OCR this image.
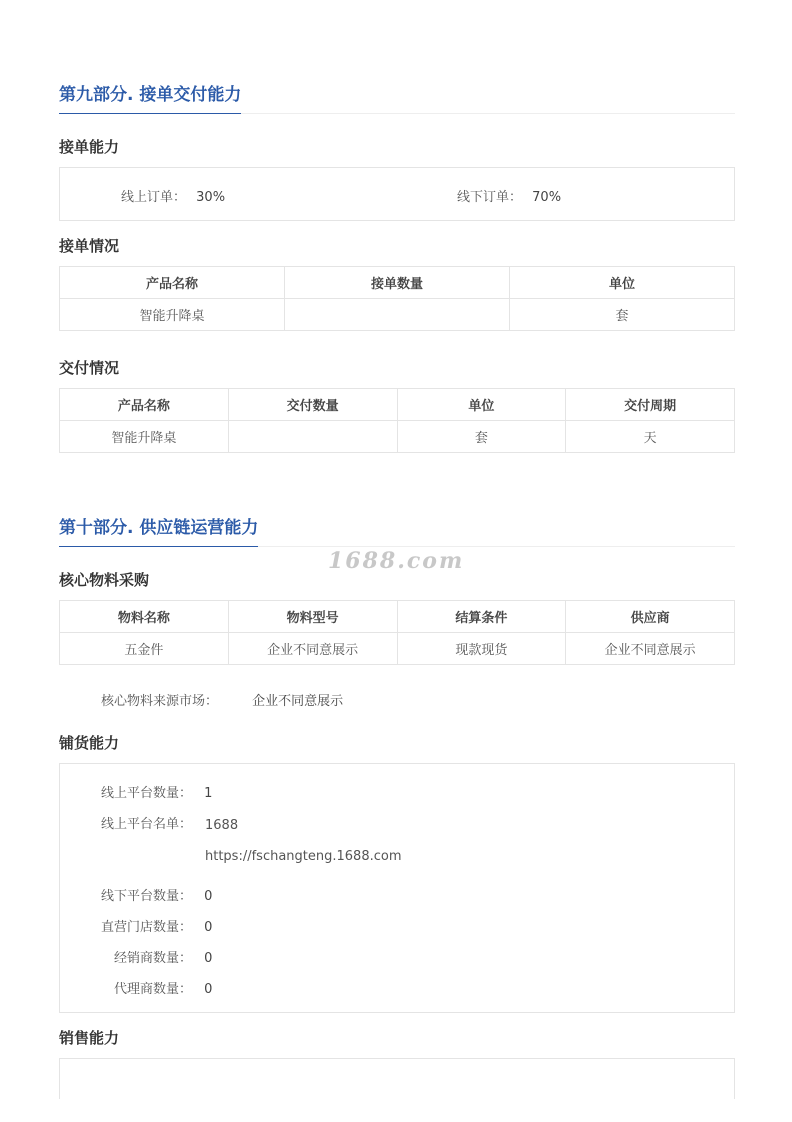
第九部分. 接单交付能力
接单能力
线上订单： 30%	线下订单： 70%
接单情况
产品名称	接单数量	单位
智能升降桌		套
交付情况
产品名称	交付数量	单位	交付周期
智能升降桌		套	天
第十部分. 供应链运营能力
1688.com
核心物料采购
物料名称	物料型号	结算条件	供应商
五金件	企业不同意展示	现款现货	企业不同意展示
核心物料来源市场：	企业不同意展示
铺货能力
线上平台数量： 1
线上平台名单： 1688
https://fschangteng.1688.com
线下平台数量： 0
直营门店数量： 0
经销商数量： 0
代理商数量： 0
销售能力
